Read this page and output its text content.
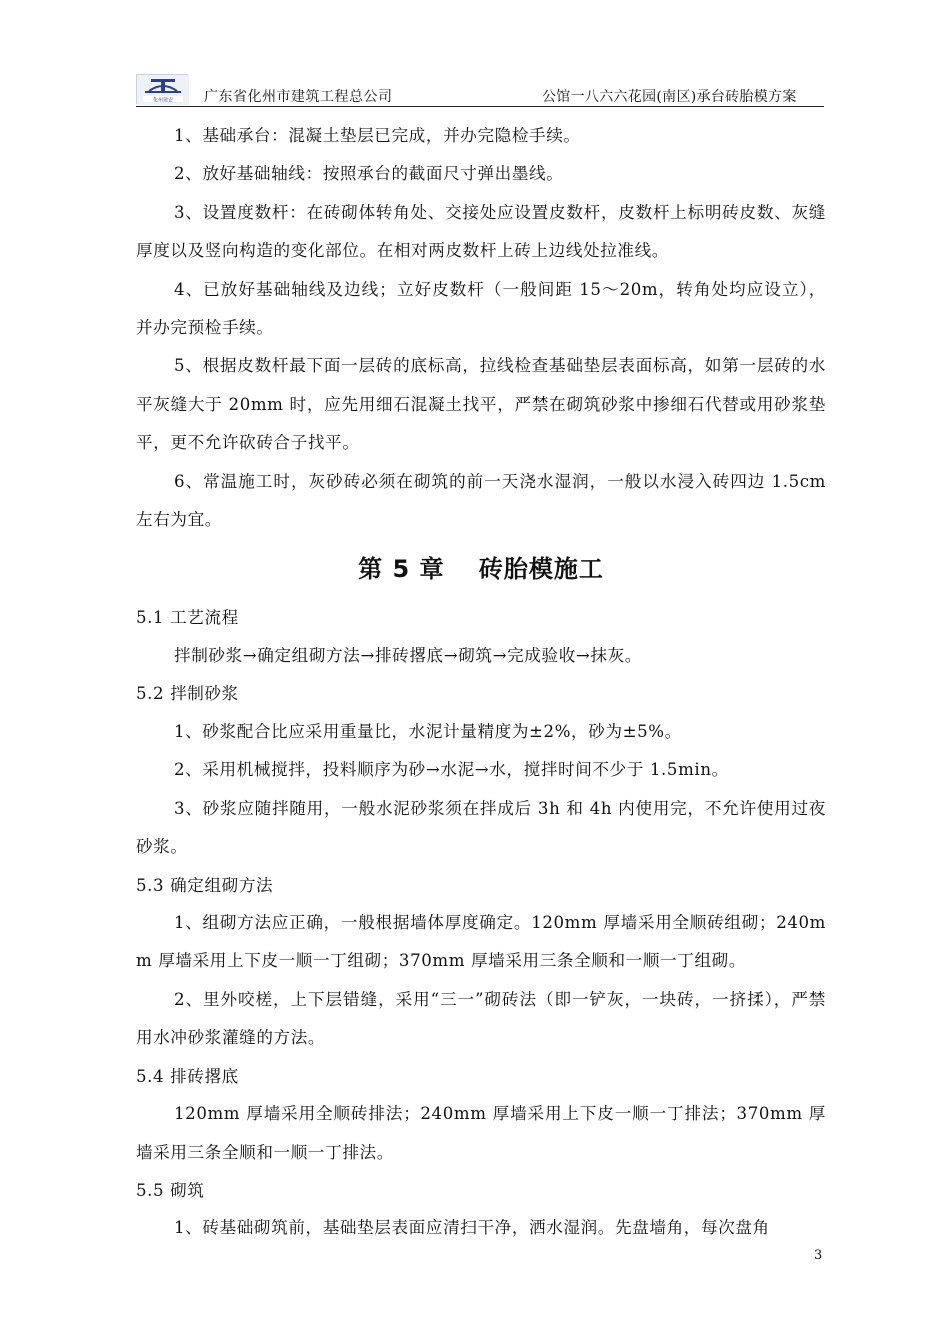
化州建安 广东省化州市建筑工程总公司	公馆一八六六花园(南区)承台砖胎模方案

1、基础承台：混凝土垫层已完成，并办完隐检手续。

2、放好基础轴线：按照承台的截面尺寸弹出墨线。

3、设置度数杆：在砖砌体转角处、交接处应设置皮数杆，皮数杆上标明砖皮数、灰缝厚度以及竖向构造的变化部位。在相对两皮数杆上砖上边线处拉准线。

4、已放好基础轴线及边线；立好皮数杆（一般间距 15～20m，转角处均应设立），并办完预检手续。

5、根据皮数杆最下面一层砖的底标高，拉线检查基础垫层表面标高，如第一层砖的水平灰缝大于 20mm 时，应先用细石混凝土找平，严禁在砌筑砂浆中掺细石代替或用砂浆垫平，更不允许砍砖合子找平。

6、常温施工时，灰砂砖必须在砌筑的前一天浇水湿润，一般以水浸入砖四边 1.5cm 左右为宜。

第 5 章　 砖胎模施工

5.1 工艺流程

拌制砂浆→确定组砌方法→排砖撂底→砌筑→完成验收→抹灰。

5.2 拌制砂浆

1、砂浆配合比应采用重量比，水泥计量精度为±2%，砂为±5%。

2、采用机械搅拌，投料顺序为砂→水泥→水，搅拌时间不少于 1.5min。

3、砂浆应随拌随用，一般水泥砂浆须在拌成后 3h 和 4h 内使用完，不允许使用过夜砂浆。

5.3 确定组砌方法

1、组砌方法应正确，一般根据墙体厚度确定。120mm 厚墙采用全顺砖组砌；240mm 厚墙采用上下皮一顺一丁组砌；370mm 厚墙采用三条全顺和一顺一丁组砌。

2、里外咬槎，上下层错缝，采用“三一”砌砖法（即一铲灰，一块砖，一挤揉），严禁用水冲砂浆灌缝的方法。

5.4 排砖撂底

120mm 厚墙采用全顺砖排法；240mm 厚墙采用上下皮一顺一丁排法；370mm 厚墙采用三条全顺和一顺一丁排法。

5.5 砌筑

1、砖基础砌筑前，基础垫层表面应清扫干净，洒水湿润。先盘墙角，每次盘角

3
